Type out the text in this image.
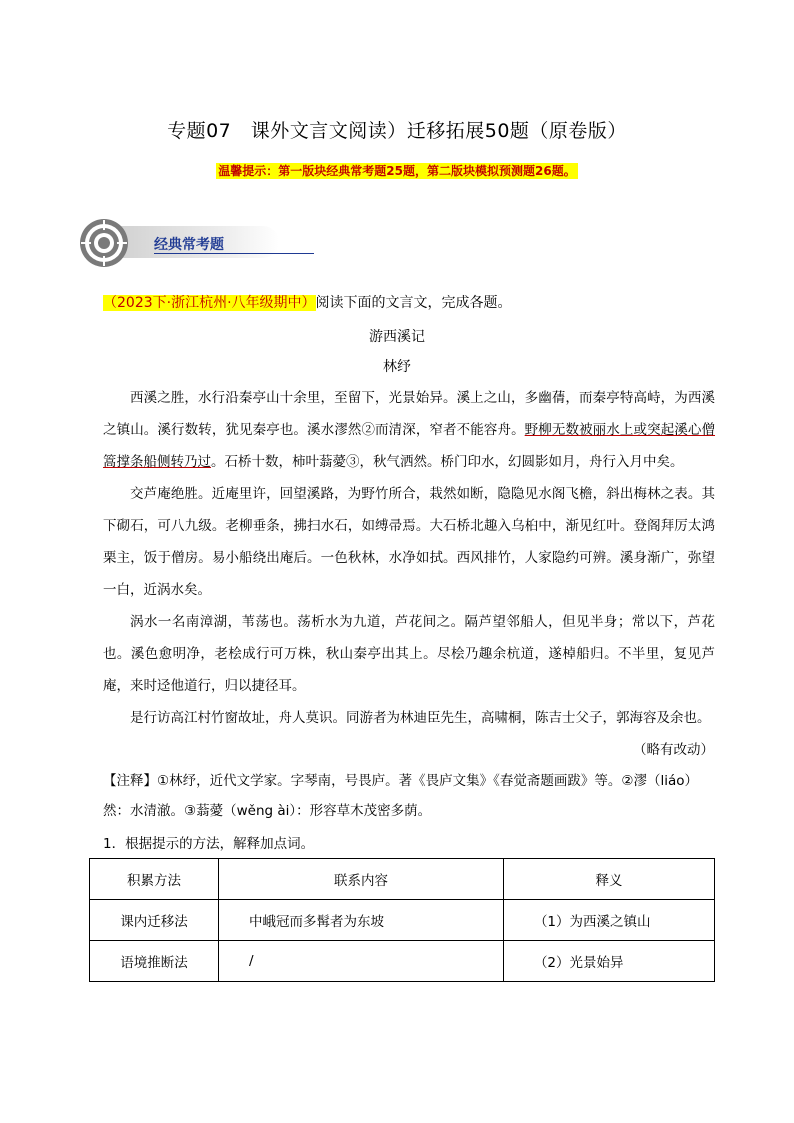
专题07　课外文言文阅读）迁移拓展50题（原卷版）
温馨提示：第一版块经典常考题25题，第二版块模拟预测题26题。
经典常考题
（2023下·浙江杭州·八年级期中）阅读下面的文言文，完成各题。
游西溪记
林纾
西溪之胜，水行沿秦亭山十余里，至留下，光景始异。溪上之山，多幽蒨，而秦亭特高峙，为西溪之镇山。溪行数转，犹见秦亭也。溪水漻然②而清深，窄者不能容舟。野柳无数被丽水上或突起溪心僧篙撑条船侧转乃过。石桥十数，柿叶蓊薆③，秋气洒然。桥门印水，幻圆影如月，舟行入月中矣。
交芦庵绝胜。近庵里许，回望溪路，为野竹所合，栽然如断，隐隐见水阁飞檐，斜出梅林之表。其下砌石，可八九级。老柳垂条，拂扫水石，如缚帚焉。大石桥北趣入乌桕中，渐见红叶。登阁拜厉太鸿栗主，饭于僧房。易小船绕出庵后。一色秋林，水净如拭。西风排竹，人家隐约可辨。溪身渐广，弥望一白，近涡水矣。
涡水一名南漳湖，苇荡也。荡析水为九道，芦花间之。隔芦望邻船人，但见半身；常以下，芦花也。溪色愈明净，老桧成行可万株，秋山秦亭出其上。尽桧乃趣余杭道，遂棹船归。不半里，复见芦庵，来时迳他道行，归以捷径耳。
是行访高江村竹窗故址，舟人莫识。同游者为林迪臣先生，高啸桐，陈吉士父子，郭海容及余也。
（略有改动）
【注释】①林纾，近代文学家。字琴南，号畏庐。著《畏庐文集》《春觉斋题画跋》等。②漻（liáo）然：水清澈。③蓊薆（wěng ài）：形容草木茂密多荫。
1．根据提示的方法，解释加点词。
积累方法	联系内容	释义
课内迁移法	中峨冠而多髯者为东坡	（1）为西溪之镇山
语境推断法	/	（2）光景始异
